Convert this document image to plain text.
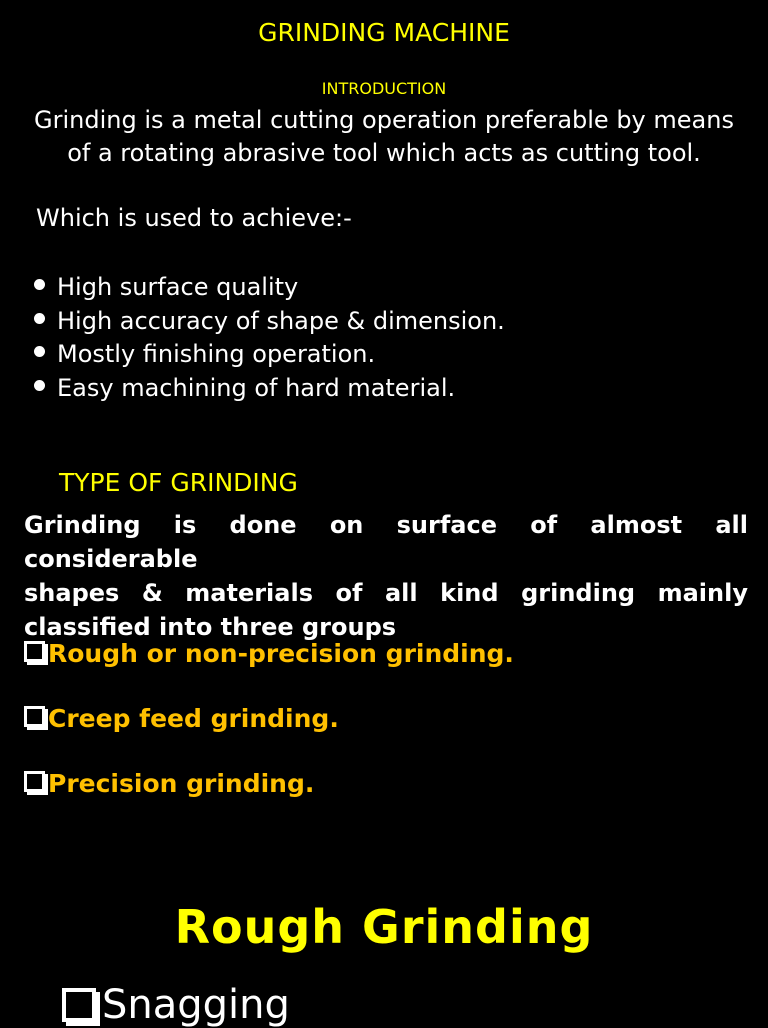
GRINDING MACHINE
INTRODUCTION
Grinding is a metal cutting operation preferable by means of a rotating abrasive tool which acts as cutting tool.
Which is used to achieve:-
High surface quality
High accuracy of shape & dimension.
Mostly finishing operation.
Easy machining of hard material.
TYPE OF GRINDING
Grinding is done on surface of almost all considerable
shapes & materials of all kind grinding mainly
classified into three groups
Rough or non-precision grinding.
Creep feed grinding.
Precision grinding.
Rough Grinding
Snagging
